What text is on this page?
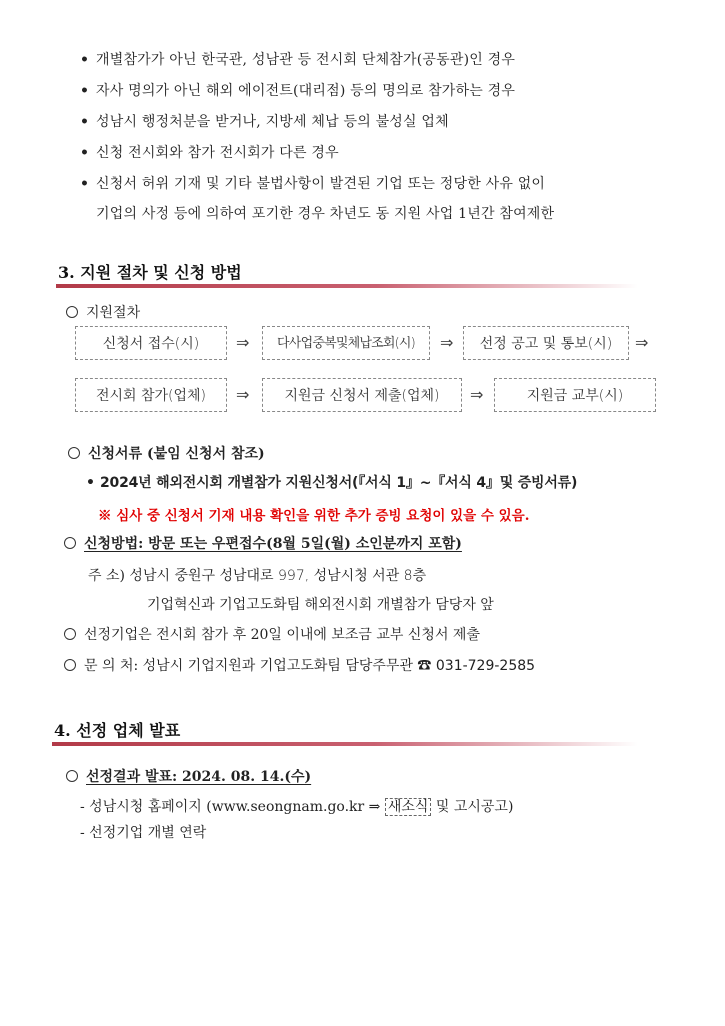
• 개별참가가 아닌 한국관, 성남관 등 전시회 단체참가(공동관)인 경우
• 자사 명의가 아닌 해외 에이전트(대리점) 등의 명의로 참가하는 경우
• 성남시 행정처분을 받거나, 지방세 체납 등의 불성실 업체
• 신청 전시회와 참가 전시회가 다른 경우
• 신청서 허위 기재 및 기타 불법사항이 발견된 기업 또는 정당한 사유 없이
기업의 사정 등에 의하여 포기한 경우 차년도 동 지원 사업 1년간 참여제한
3. 지원 절차 및 신청 방법
지원절차
신청서 접수(시)	⇒	다사업중복및체납조회(시)	⇒	선정 공고 및 통보(시)	⇒
전시회 참가(업체)	⇒	지원금 신청서 제출(업체)	⇒	지원금 교부(시)
신청서류 (붙임 신청서 참조)
• 2024년 해외전시회 개별참가 지원신청서(『서식 1』~『서식 4』및 증빙서류)
※ 심사 중 신청서 기재 내용 확인을 위한 추가 증빙 요청이 있을 수 있음.
신청방법: 방문 또는 우편접수(8월 5일(월) 소인분까지 포함)
주 소) 성남시 중원구 성남대로 997, 성남시청 서관 8층
기업혁신과 기업고도화팀 해외전시회 개별참가 담당자 앞
선정기업은 전시회 참가 후 20일 이내에 보조금 교부 신청서 제출
문 의 처: 성남시 기업지원과 기업고도화팀 담당주무관 ☎ 031-729-2585
4. 선정 업체 발표
선정결과 발표: 2024. 08. 14.(수)
- 성남시청 홈페이지 (www.seongnam.go.kr ⇒ 새소식 및 고시공고)
- 선정기업 개별 연락
